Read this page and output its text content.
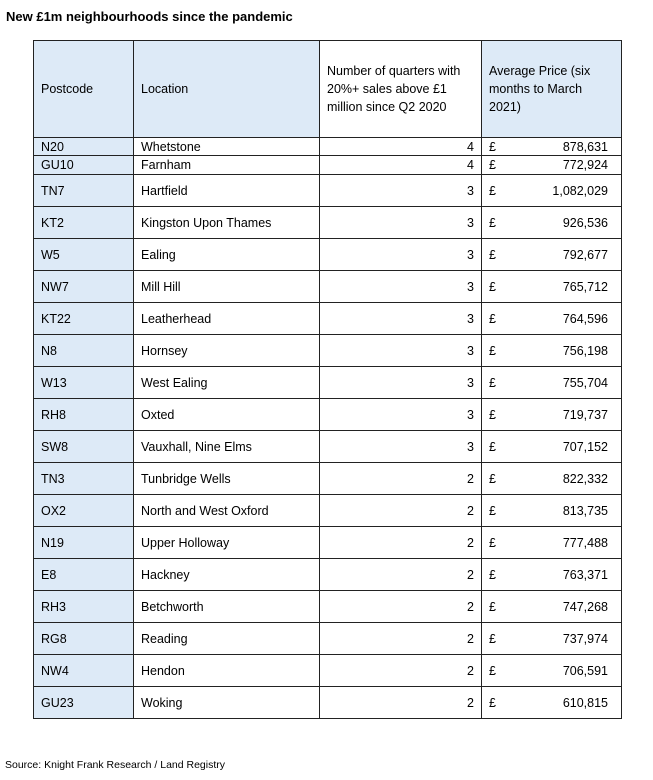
New £1m neighbourhoods since the pandemic
Postcode	Location	Number of quarters with 20%+ sales above £1 million since Q2 2020	Average Price (six months to March 2021)
N20	Whetstone	4	£ 878,631

GU10	Farnham	4	£ 772,924

TN7	Hartfield	3	£ 1,082,029

KT2	Kingston Upon Thames	3	£ 926,536

W5	Ealing	3	£ 792,677

NW7	Mill Hill	3	£ 765,712

KT22	Leatherhead	3	£ 764,596

N8	Hornsey	3	£ 756,198

W13	West Ealing	3	£ 755,704

RH8	Oxted	3	£ 719,737

SW8	Vauxhall, Nine Elms	3	£ 707,152

TN3	Tunbridge Wells	2	£ 822,332

OX2	North and West Oxford	2	£ 813,735

N19	Upper Holloway	2	£ 777,488

E8	Hackney	2	£ 763,371

RH3	Betchworth	2	£ 747,268

RG8	Reading	2	£ 737,974

NW4	Hendon	2	£ 706,591

GU23	Woking	2	£ 610,815
Source: Knight Frank Research / Land Registry
